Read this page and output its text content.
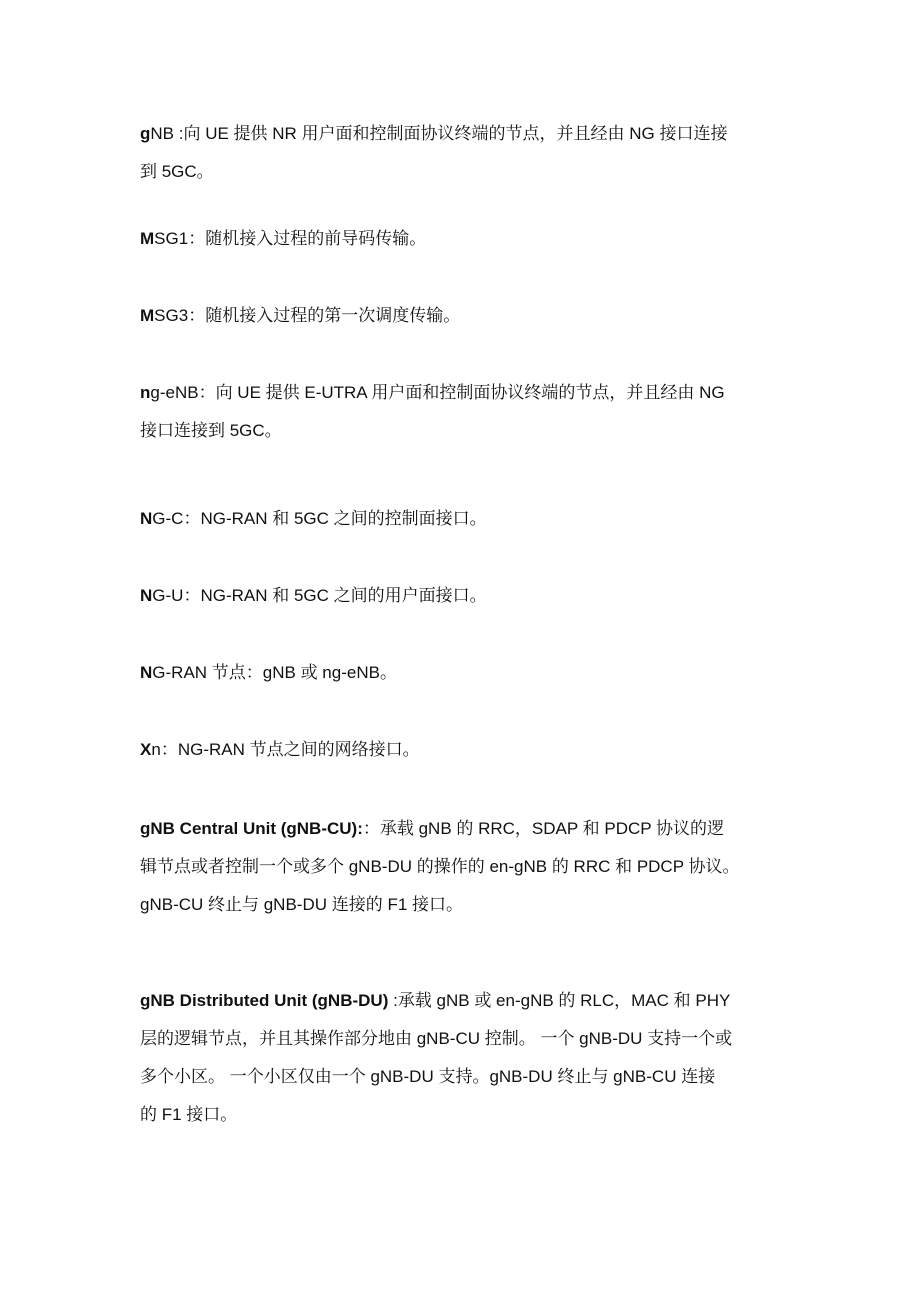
gNB :向 UE 提供 NR 用户面和控制面协议终端的节点，并且经由 NG 接口连接
到 5GC。

MSG1：随机接入过程的前导码传输。

MSG3：随机接入过程的第一次调度传输。

ng-eNB：向 UE 提供 E-UTRA 用户面和控制面协议终端的节点，并且经由 NG
接口连接到 5GC。

NG-C：NG-RAN 和 5GC 之间的控制面接口。

NG-U：NG-RAN 和 5GC 之间的用户面接口。

NG-RAN 节点：gNB 或 ng-eNB。

Xn：NG-RAN 节点之间的网络接口。

gNB Central Unit (gNB-CU):：承载 gNB 的 RRC，SDAP 和 PDCP 协议的逻
辑节点或者控制一个或多个 gNB-DU 的操作的 en-gNB 的 RRC 和 PDCP 协议。
gNB-CU 终止与 gNB-DU 连接的 F1 接口。

gNB Distributed Unit (gNB-DU) :承载 gNB 或 en-gNB 的 RLC，MAC 和 PHY
层的逻辑节点，并且其操作部分地由 gNB-CU 控制。 一个 gNB-DU 支持一个或
多个小区。 一个小区仅由一个 gNB-DU 支持。gNB-DU 终止与 gNB-CU 连接
的 F1 接口。
